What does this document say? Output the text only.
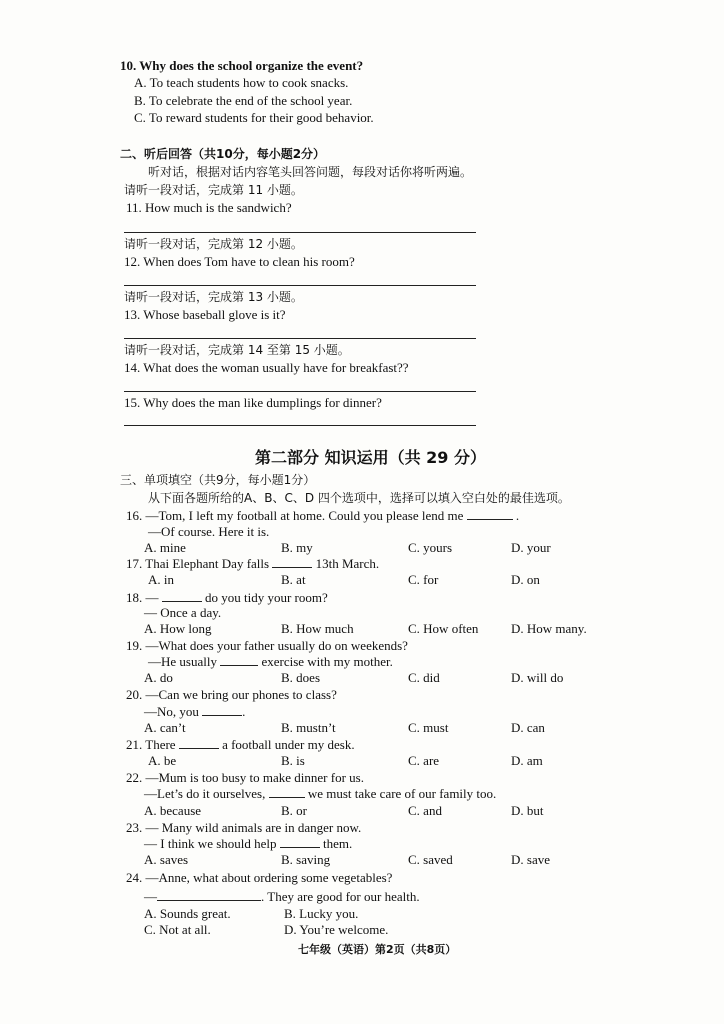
10. Why does the school organize the event?
A. To teach students how to cook snacks.
B. To celebrate the end of the school year.
C. To reward students for their good behavior.
二、听后回答（共10分，每小题2分）
听对话，根据对话内容笔头回答问题，每段对话你将听两遍。
请听一段对话，完成第 11 小题。
11. How much is the sandwich?
请听一段对话，完成第 12 小题。
12. When does Tom have to clean his room?
请听一段对话，完成第 13 小题。
13. Whose baseball glove is it?
请听一段对话，完成第 14 至第 15 小题。
14. What does the woman usually have for breakfast??
15. Why does the man like dumplings for dinner?
第二部分 知识运用（共 29 分）
三、单项填空（共9分，每小题1分）
从下面各题所给的A、B、C、D 四个选项中，选择可以填入空白处的最佳选项。
16. —Tom, I left my football at home. Could you please lend me	.
—Of course. Here it is.
A. mine	B. my	C. yours	D. your
17. Thai Elephant Day falls	13th March.
A. in	B. at	C. for	D. on
18. —	do you tidy your room?
— Once a day.
A. How long	B. How much	C. How often	D. How many.
19. —What does your father usually do on weekends?
—He usually	exercise with my mother.
A. do	B. does	C. did	D. will do
20. —Can we bring our phones to class?
—No, you	.
A. can’t	B. mustn’t	C. must	D. can
21. There	a football under my desk.
A. be	B. is	C. are	D. am
22. —Mum is too busy to make dinner for us.
—Let’s do it ourselves,	we must take care of our family too.
A. because	B. or	C. and	D. but
23. — Many wild animals are in danger now.
— I think we should help	them.
A. saves	B. saving	C. saved	D. save
24. —Anne, what about ordering some vegetables?
—	. They are good for our health.
A. Sounds great.	B. Lucky you.
C. Not at all.	D. You’re welcome.
七年级（英语）第2页（共8页）
